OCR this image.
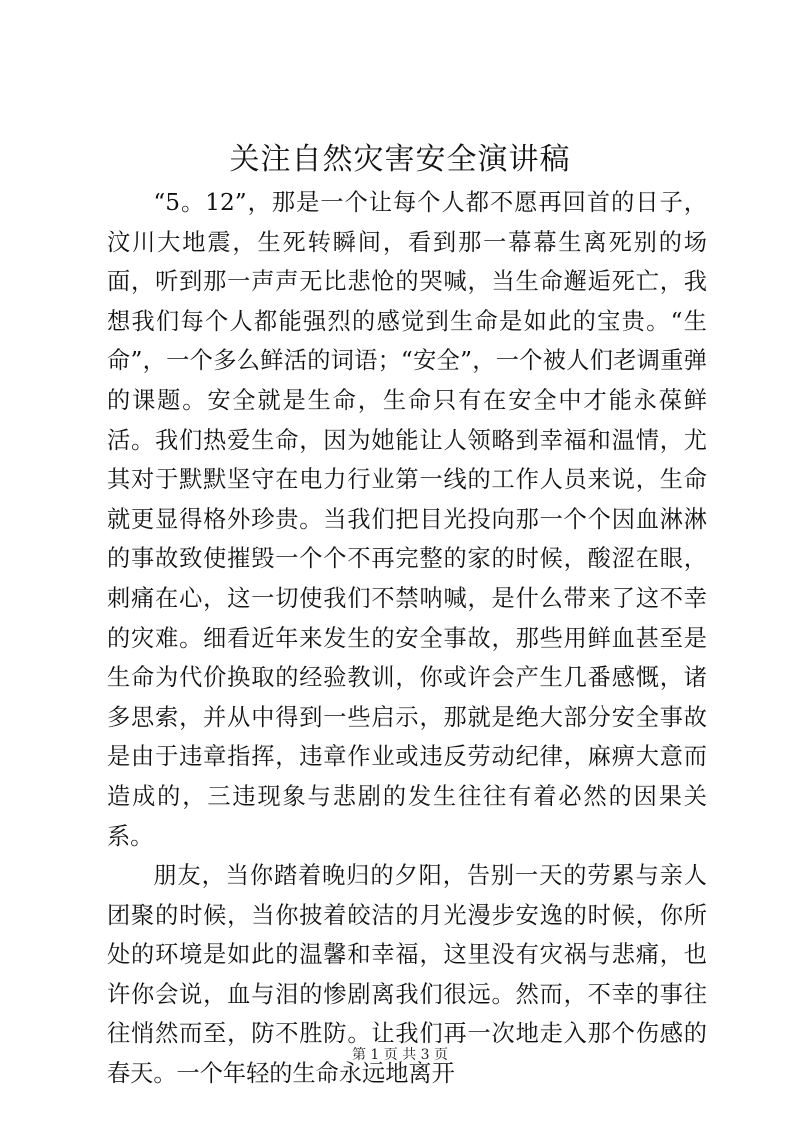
关注自然灾害安全演讲稿

“5。12”，那是一个让每个人都不愿再回首的日子，汶川大地震，生死转瞬间，看到那一幕幕生离死别的场面，听到那一声声无比悲怆的哭喊，当生命邂逅死亡，我想我们每个人都能强烈的感觉到生命是如此的宝贵。“生命”，一个多么鲜活的词语；“安全”，一个被人们老调重弹的课题。安全就是生命，生命只有在安全中才能永葆鲜活。我们热爱生命，因为她能让人领略到幸福和温情，尤其对于默默坚守在电力行业第一线的工作人员来说，生命就更显得格外珍贵。当我们把目光投向那一个个因血淋淋的事故致使摧毁一个个不再完整的家的时候，酸涩在眼，刺痛在心，这一切使我们不禁呐喊，是什么带来了这不幸的灾难。细看近年来发生的安全事故，那些用鲜血甚至是生命为代价换取的经验教训，你或许会产生几番感慨，诸多思索，并从中得到一些启示，那就是绝大部分安全事故是由于违章指挥，违章作业或违反劳动纪律，麻痹大意而造成的，三违现象与悲剧的发生往往有着必然的因果关系。

朋友，当你踏着晚归的夕阳，告别一天的劳累与亲人团聚的时候，当你披着皎洁的月光漫步安逸的时候，你所处的环境是如此的温馨和幸福，这里没有灾祸与悲痛，也许你会说，血与泪的惨剧离我们很远。然而，不幸的事往往悄然而至，防不胜防。让我们再一次地走入那个伤感的春天。一个年轻的生命永远地离开

第 1 页 共 3 页
